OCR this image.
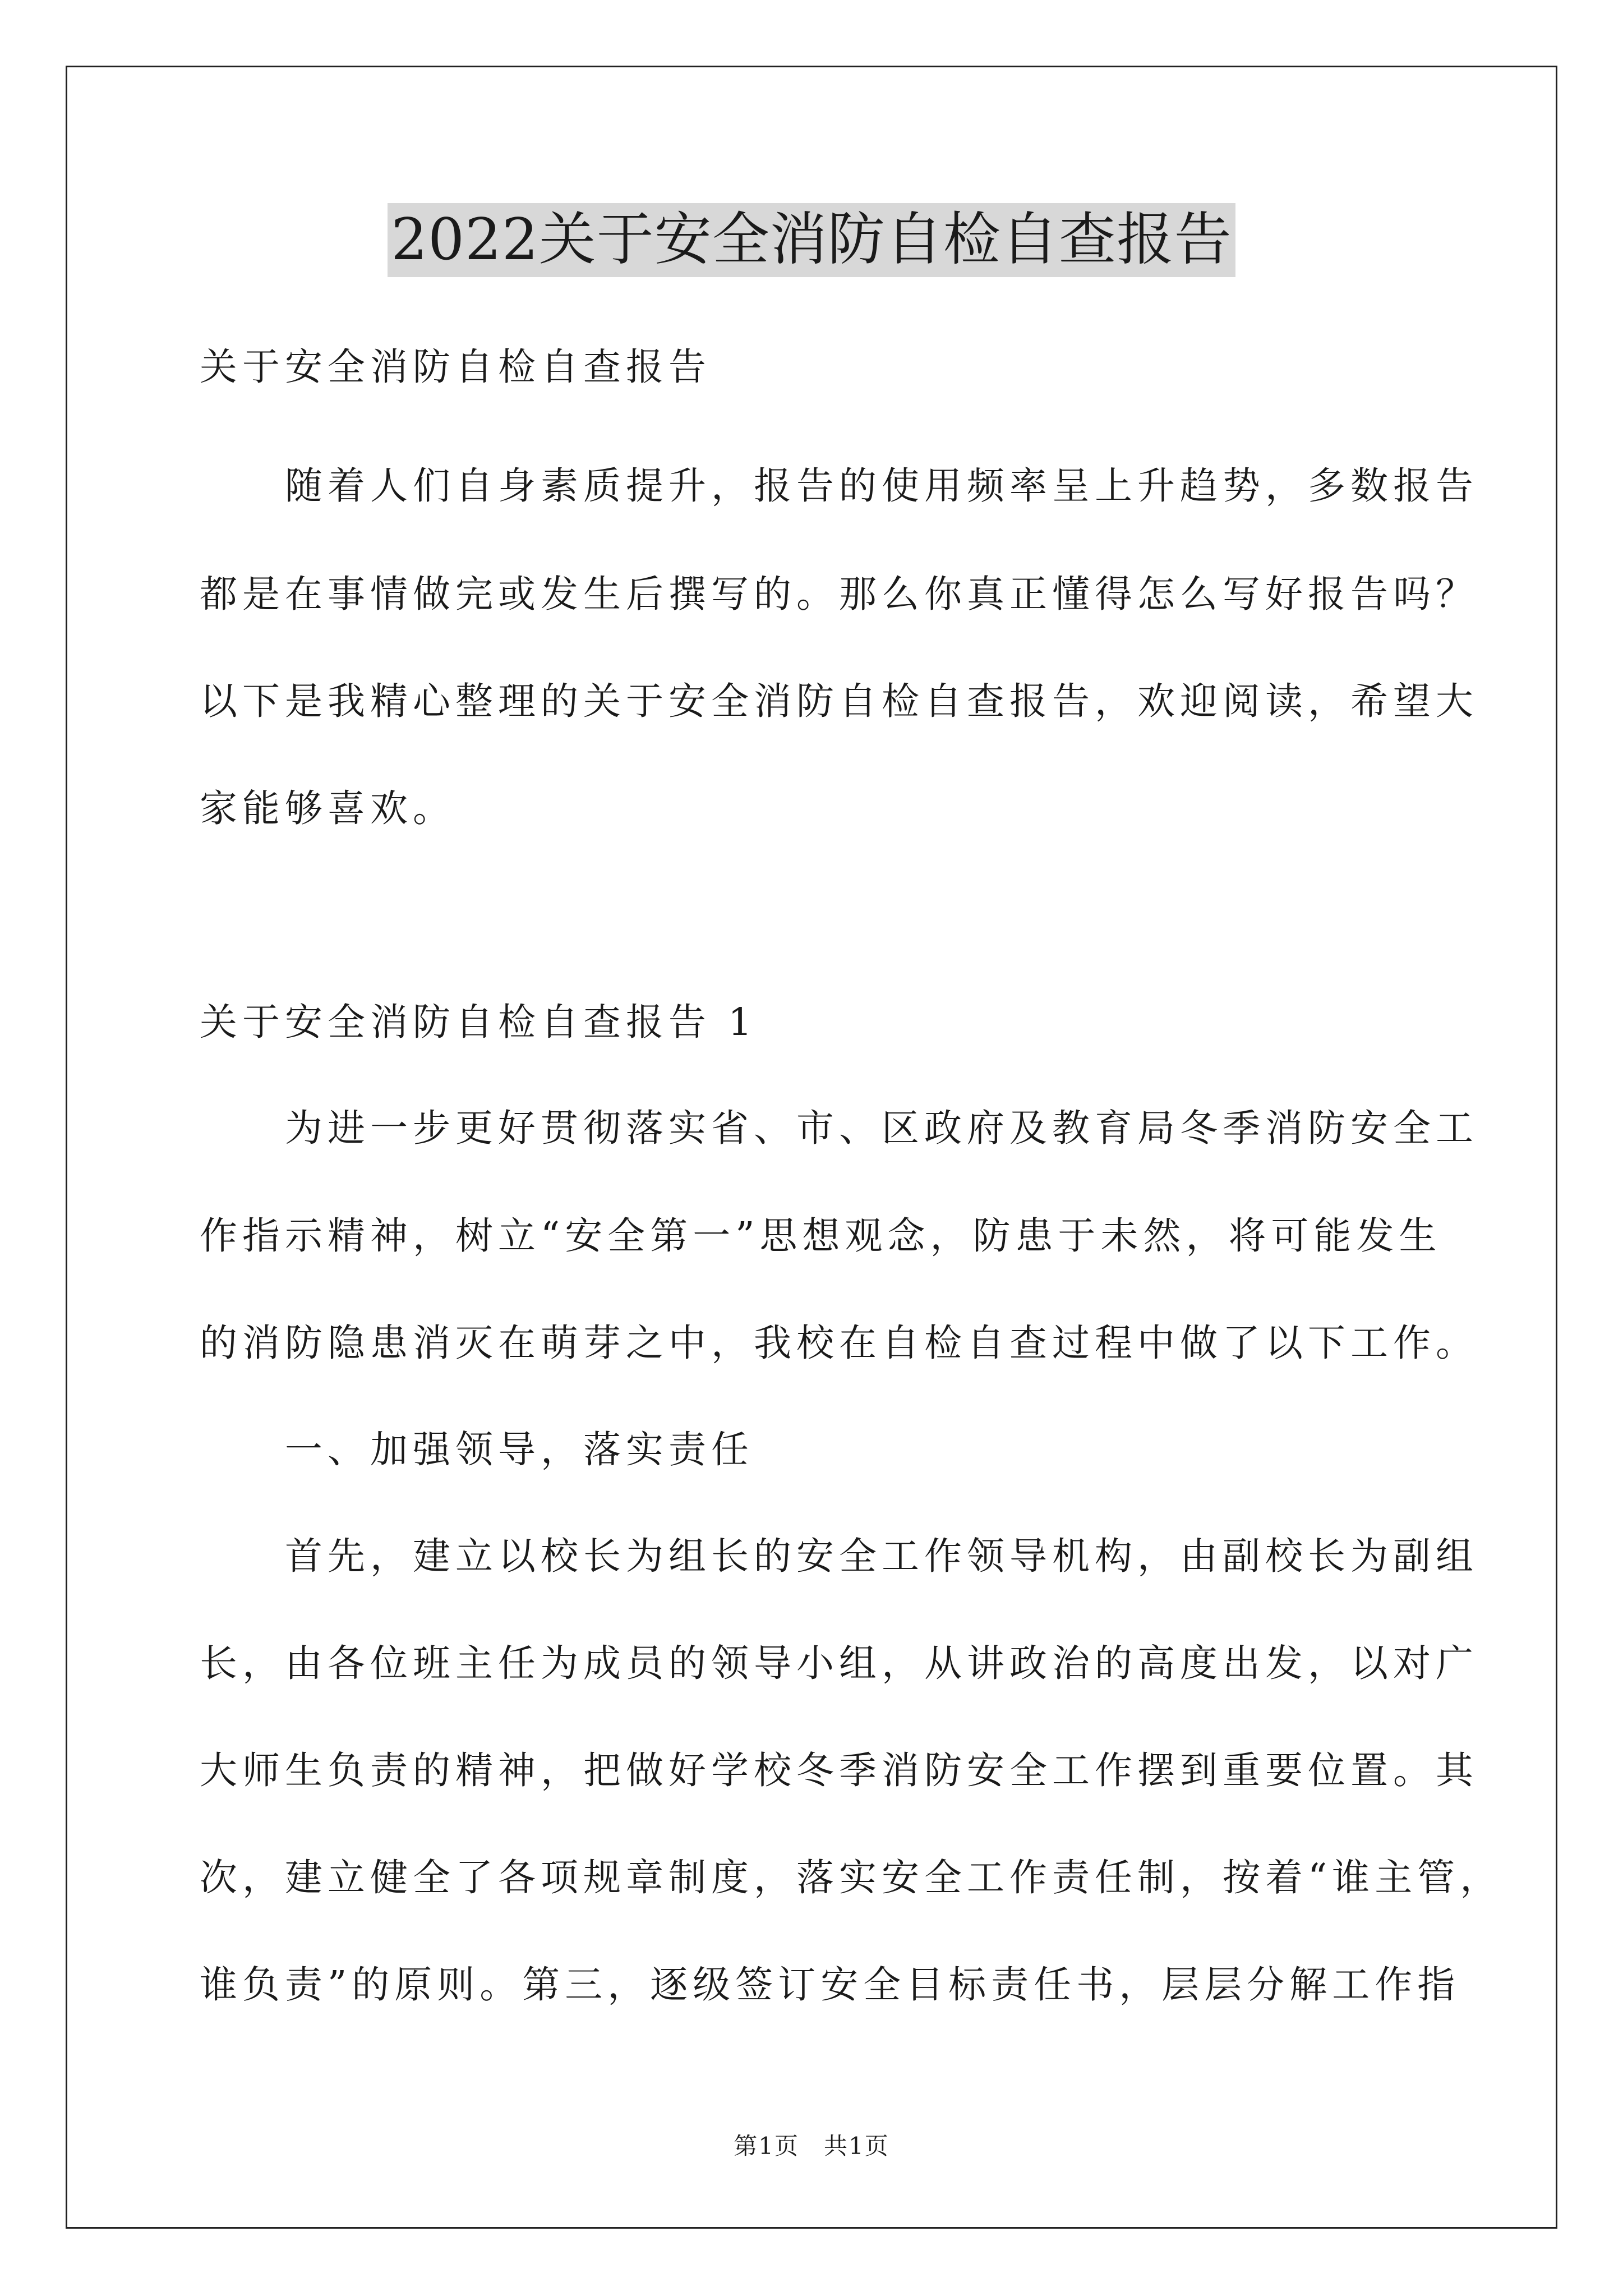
2022关于安全消防自检自查报告
关于安全消防自检自查报告
　　随着人们自身素质提升，报告的使用频率呈上升趋势，多数报告
都是在事情做完或发生后撰写的。那么你真正懂得怎么写好报告吗？
以下是我精心整理的关于安全消防自检自查报告，欢迎阅读，希望大
家能够喜欢。
关于安全消防自检自查报告 1
　　为进一步更好贯彻落实省、市、区政府及教育局冬季消防安全工
作指示精神，树立“安全第一”思想观念，防患于未然，将可能发生
的消防隐患消灭在萌芽之中，我校在自检自查过程中做了以下工作。
　　一、加强领导，落实责任
　　首先，建立以校长为组长的安全工作领导机构，由副校长为副组
长，由各位班主任为成员的领导小组，从讲政治的高度出发，以对广
大师生负责的精神，把做好学校冬季消防安全工作摆到重要位置。其
次，建立健全了各项规章制度，落实安全工作责任制，按着“谁主管，
谁负责”的原则。第三，逐级签订安全目标责任书，层层分解工作指
第1页　共1页
